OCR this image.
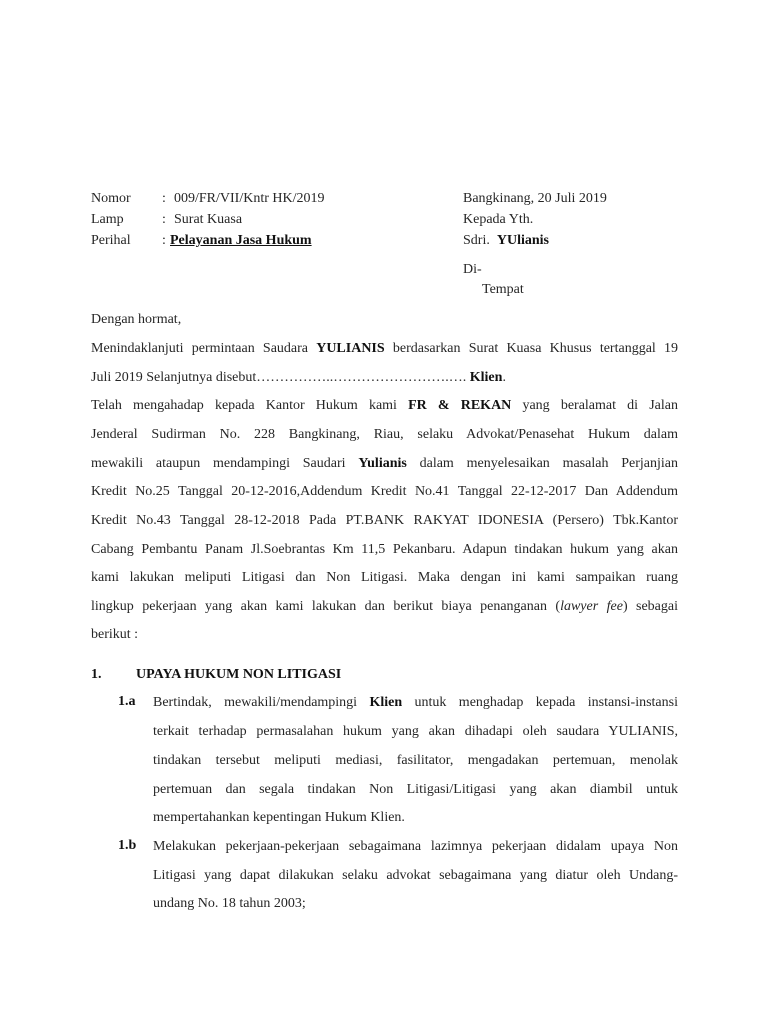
Nomor : 009/FR/VII/Kntr HK/2019
Lamp	: Surat Kuasa
Perihal : Pelayanan Jasa Hukum
Bangkinang, 20 Juli 2019
Kepada Yth.
Sdri. YUlianis
Di-
Tempat
Dengan hormat,
Menindaklanjuti permintaan Saudara YULIANIS berdasarkan Surat Kuasa Khusus tertanggal 19
Juli 2019 Selanjutnya disebut……………..…………………….…. Klien.
Telah mengahadap kepada Kantor Hukum kami FR & REKAN yang beralamat di Jalan
Jenderal Sudirman No. 228 Bangkinang, Riau, selaku Advokat/Penasehat Hukum dalam
mewakili ataupun mendampingi Saudari Yulianis dalam menyelesaikan masalah Perjanjian
Kredit No.25 Tanggal 20-12-2016,Addendum Kredit No.41 Tanggal 22-12-2017 Dan Addendum
Kredit No.43 Tanggal 28-12-2018 Pada PT.BANK RAKYAT IDONESIA (Persero) Tbk.Kantor
Cabang Pembantu Panam Jl.Soebrantas Km 11,5 Pekanbaru. Adapun tindakan hukum yang akan
kami lakukan meliputi Litigasi dan Non Litigasi. Maka dengan ini kami sampaikan ruang
lingkup pekerjaan yang akan kami lakukan dan berikut biaya penanganan (lawyer fee) sebagai
berikut :
1. UPAYA HUKUM NON LITIGASI
1.a Bertindak, mewakili/mendampingi Klien untuk menghadap kepada instansi-instansi
terkait terhadap permasalahan hukum yang akan dihadapi oleh saudara YULIANIS,
tindakan tersebut meliputi mediasi, fasilitator, mengadakan pertemuan, menolak
pertemuan dan segala tindakan Non Litigasi/Litigasi yang akan diambil untuk
mempertahankan kepentingan Hukum Klien.
1.b Melakukan pekerjaan-pekerjaan sebagaimana lazimnya pekerjaan didalam upaya Non
Litigasi yang dapat dilakukan selaku advokat sebagaimana yang diatur oleh Undang-
undang No. 18 tahun 2003;
